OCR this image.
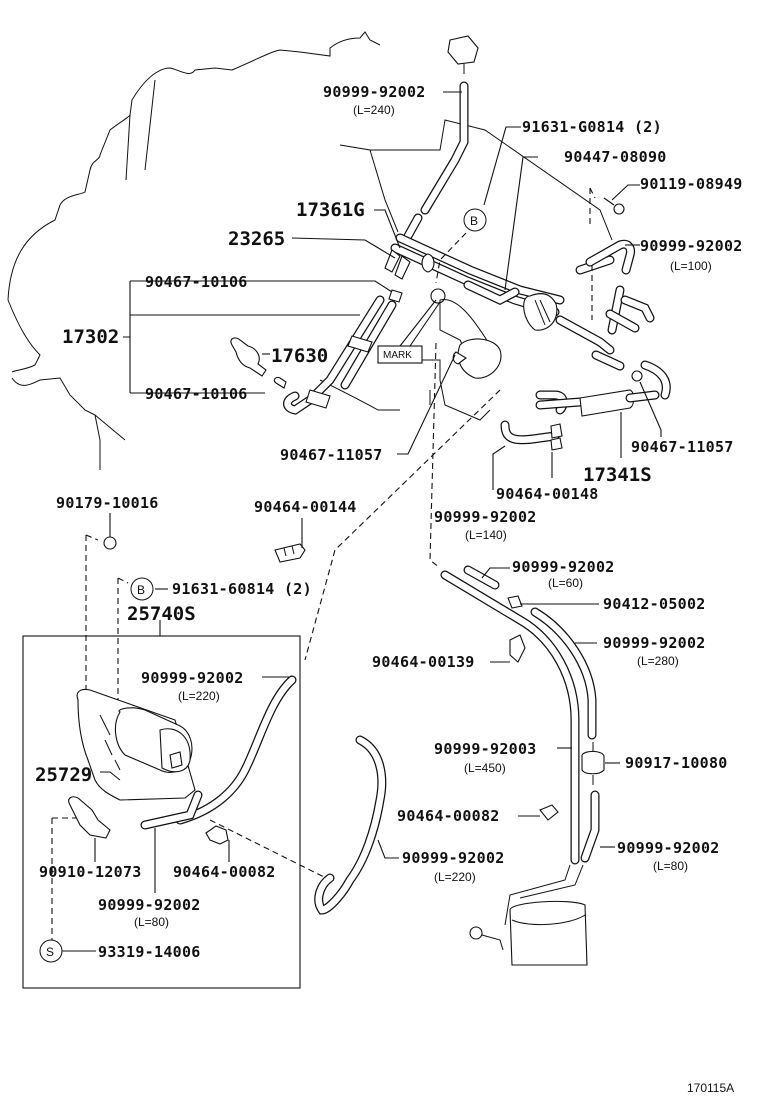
MARK
B
B
S
90999-92002
(L=240)
91631-G0814 (2)
90447-08090
90119-08949
17361G
23265	90999-92002
(L=100)
90467-10106
17302
17630
90467-10106
90467-11057	90467-11057
17341S
90464-00148
90999-92002
(L=140)
90179-10016	90464-00144
91631-60814 (2)
25740S
90999-92002
(L=60)
90412-05002
90464-00139
90999-92002
(L=280)
90999-92002
(L=220)
25729
90999-92003
(L=450)	90917-10080
90464-00082
90999-92002
(L=80)
90910-12073 90464-00082
90999-92002
(L=220)
90999-92002
(L=80)
93319-14006
170115A
